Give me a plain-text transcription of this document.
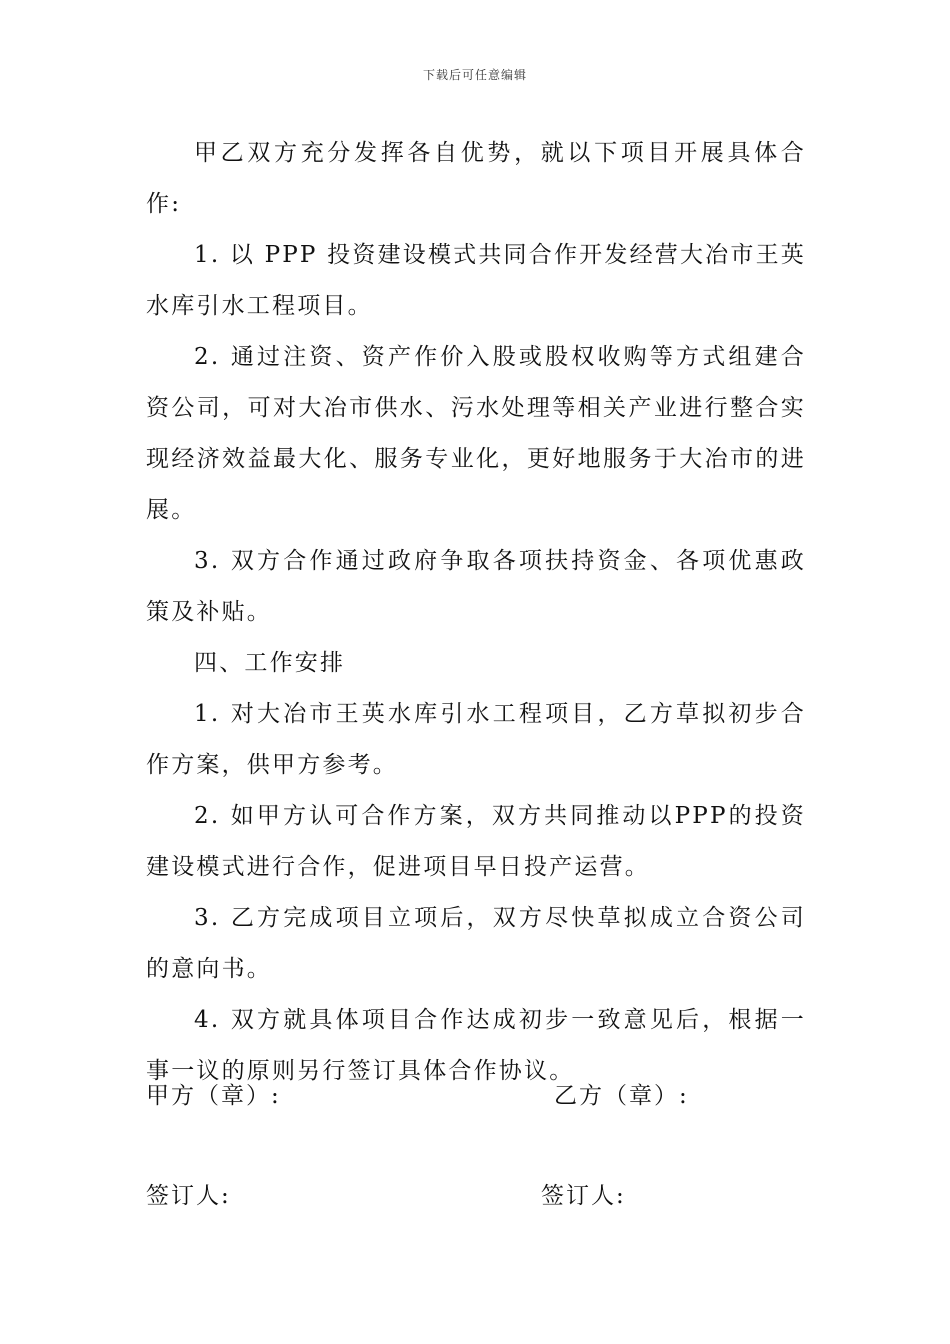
下载后可任意编辑

甲乙双方充分发挥各自优势，就以下项目开展具体合作:

1. 以 PPP 投资建设模式共同合作开发经营大冶市王英水库引水工程项目。

2. 通过注资、资产作价入股或股权收购等方式组建合资公司，可对大冶市供水、污水处理等相关产业进行整合实现经济效益最大化、服务专业化，更好地服务于大冶市的进展。

3. 双方合作通过政府争取各项扶持资金、各项优惠政策及补贴。

四、工作安排

1. 对大冶市王英水库引水工程项目，乙方草拟初步合作方案，供甲方参考。

2. 如甲方认可合作方案，双方共同推动以PPP的投资建设模式进行合作，促进项目早日投产运营。

3. 乙方完成项目立项后，双方尽快草拟成立合资公司的意向书。

4. 双方就具体项目合作达成初步一致意见后，根据一事一议的原则另行签订具体合作协议。

甲方（章）:	乙方（章）:
签订人:	签订人:
